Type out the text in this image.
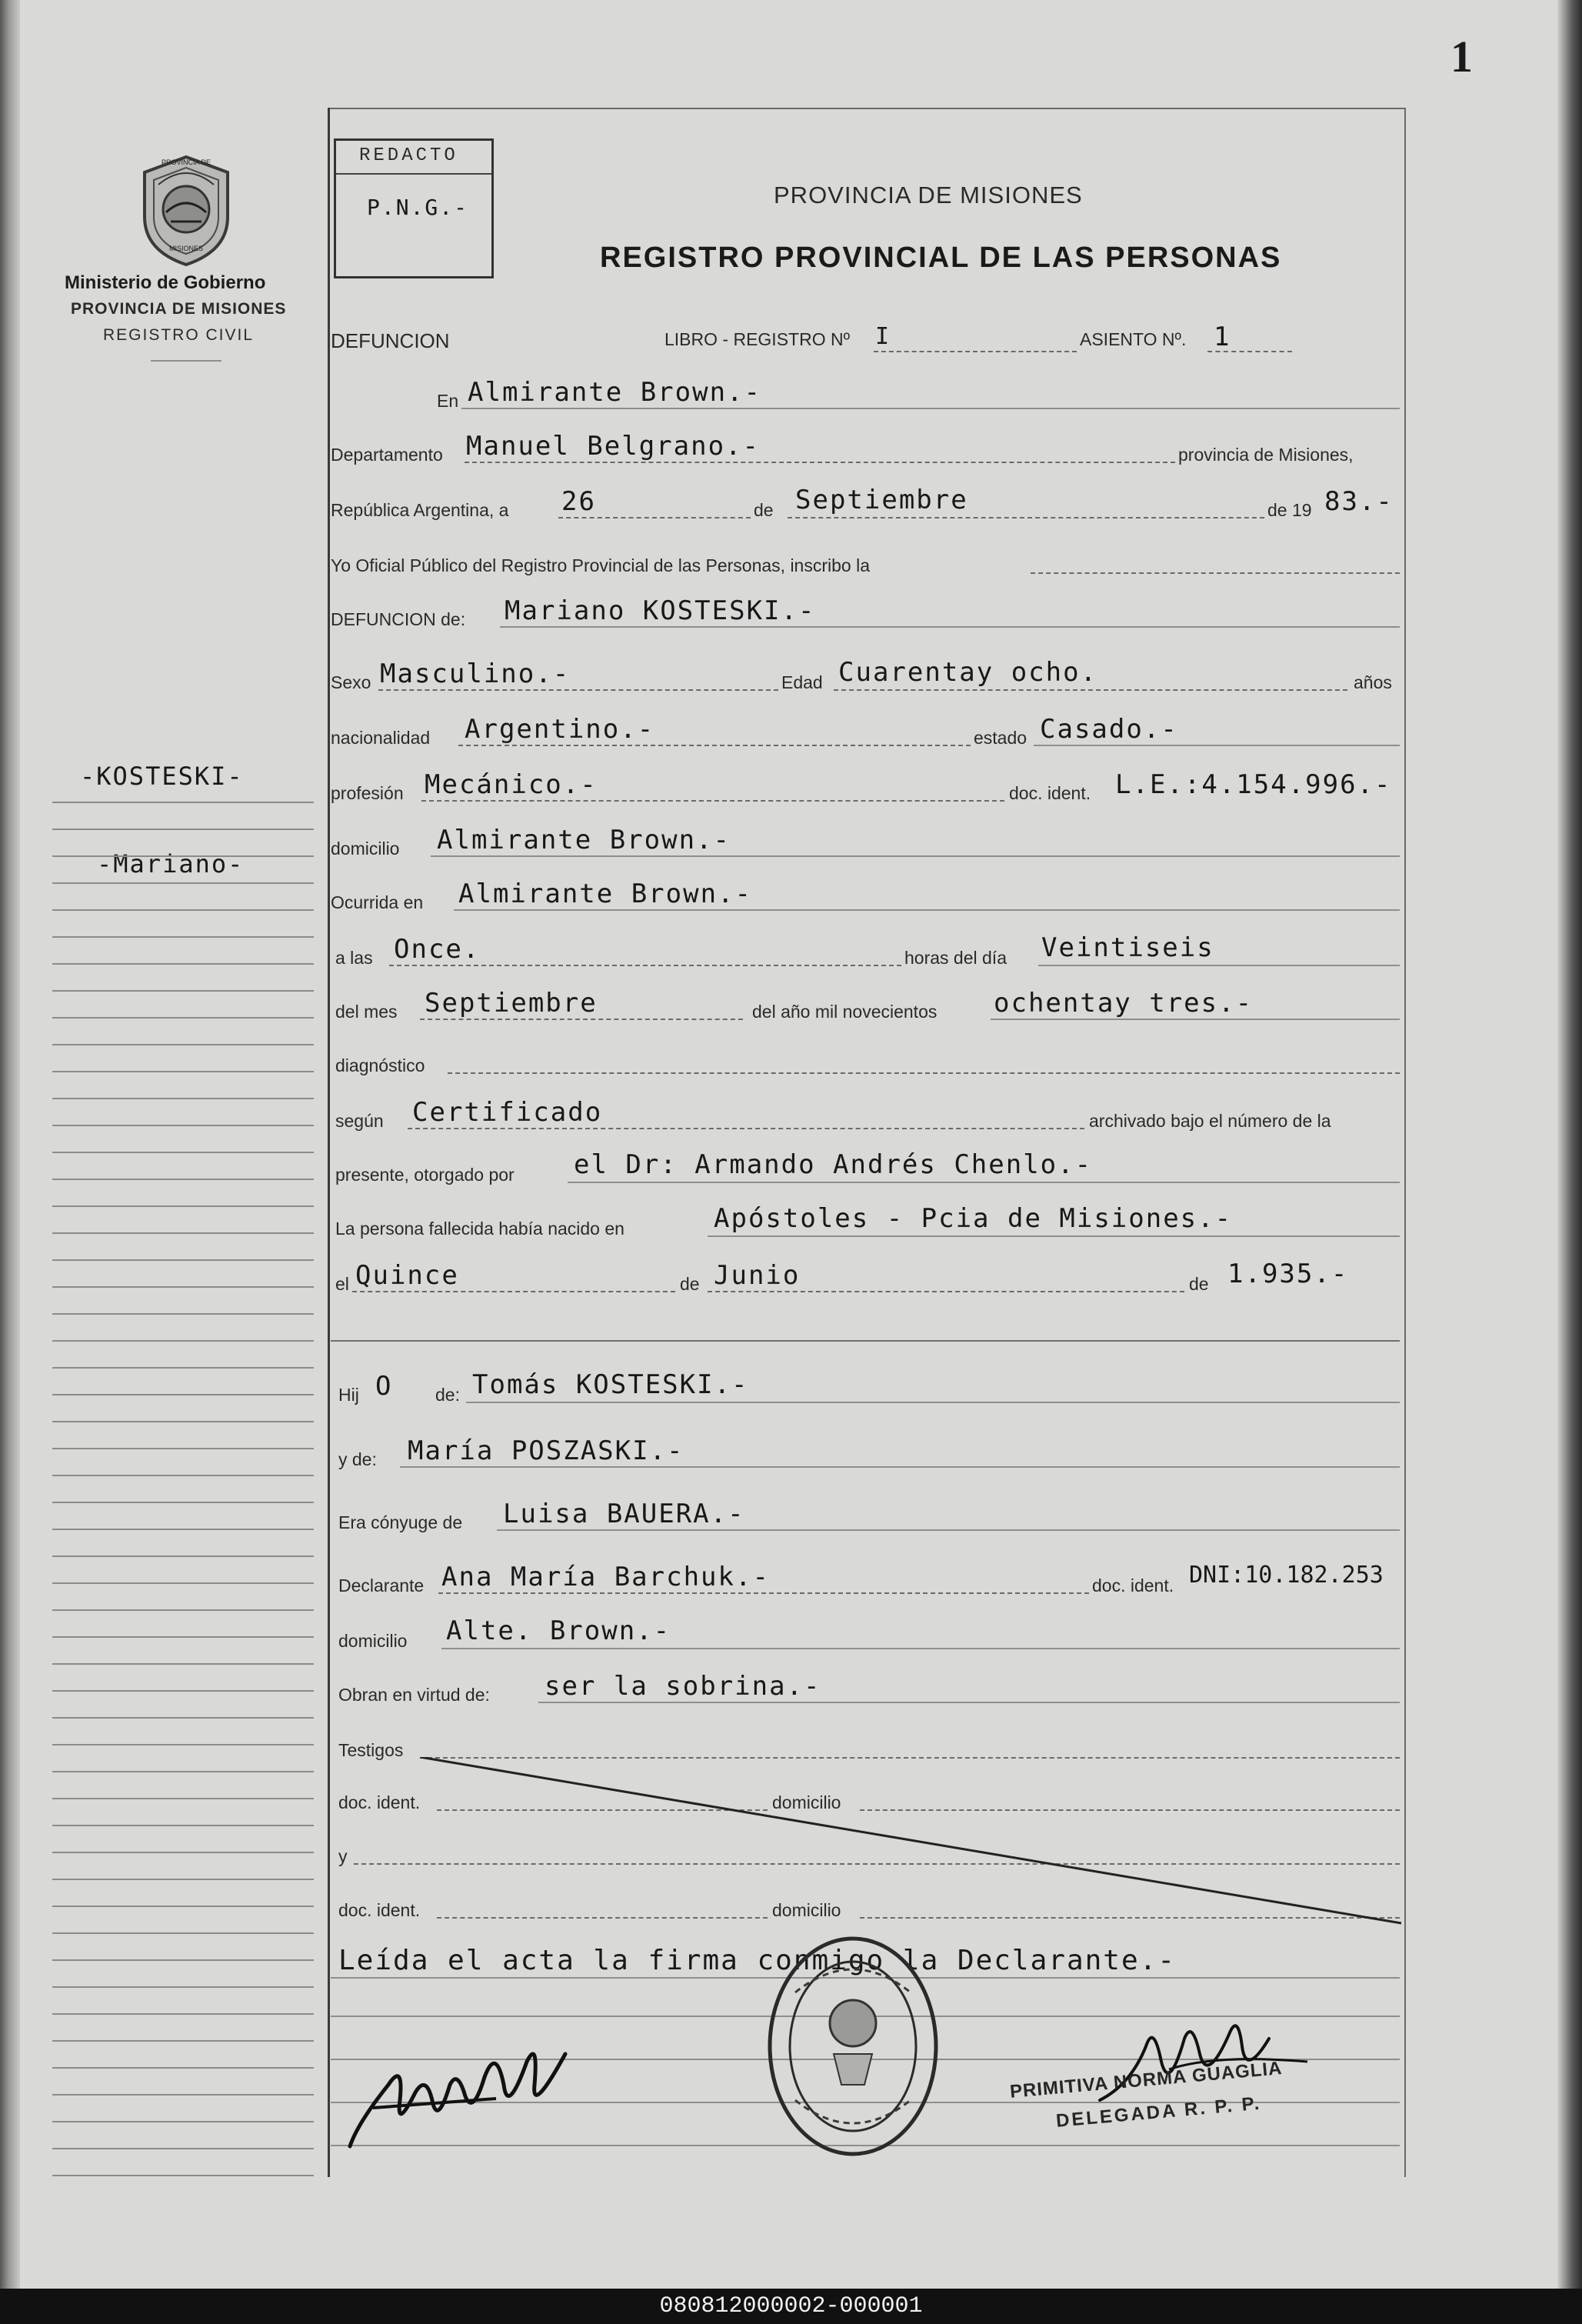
1
PROVINCIA DE
MISIONES
Ministerio de Gobierno
PROVINCIA DE MISIONES
REGISTRO CIVIL
REDACTO
P.N.G.-	PROVINCIA DE MISIONES
REGISTRO PROVINCIAL DE LAS PERSONAS
DEFUNCION	LIBRO - REGISTRO Nº I	ASIENTO Nº. 1
En Almirante Brown.-
Departamento Manuel Belgrano.-	provincia de Misiones,
República Argentina, a 26	de Septiembre	de 19 83.-
Yo Oficial Público del Registro Provincial de las Personas, inscribo la
DEFUNCION de: Mariano KOSTESKI.-
Sexo Masculino.-	Edad Cuarentay ocho.	años
nacionalidad Argentino.-	estado Casado.-
profesión Mecánico.-	doc. ident. L.E.:4.154.996.-
domicilio Almirante Brown.-
Ocurrida en Almirante Brown.-
a las Once.	horas del día Veintiseis
del mes Septiembre	del año mil novecientos ochentay tres.-
diagnóstico
según Certificado	archivado bajo el número de la
presente, otorgado por el Dr: Armando Andrés Chenlo.-
La persona fallecida había nacido en	Apóstoles - Pcia de Misiones.-
el Quince	de Junio	de 1.935.-
Hij O de: Tomás KOSTESKI.-
y de: María POSZASKI.-
Era cónyuge de Luisa BAUERA.-
Declarante Ana María Barchuk.-	doc. ident. DNI:10.182.253
domicilio Alte. Brown.-
Obran en virtud de: ser la sobrina.-
Testigos
doc. ident.	domicilio
y
doc. ident.	domicilio
Leída el acta la firma conmigo la Declarante.-
PRIMITIVA NORMA GUAGLIA
DELEGADA R. P. P.
-KOSTESKI-
-Mariano-
080812000002-000001
